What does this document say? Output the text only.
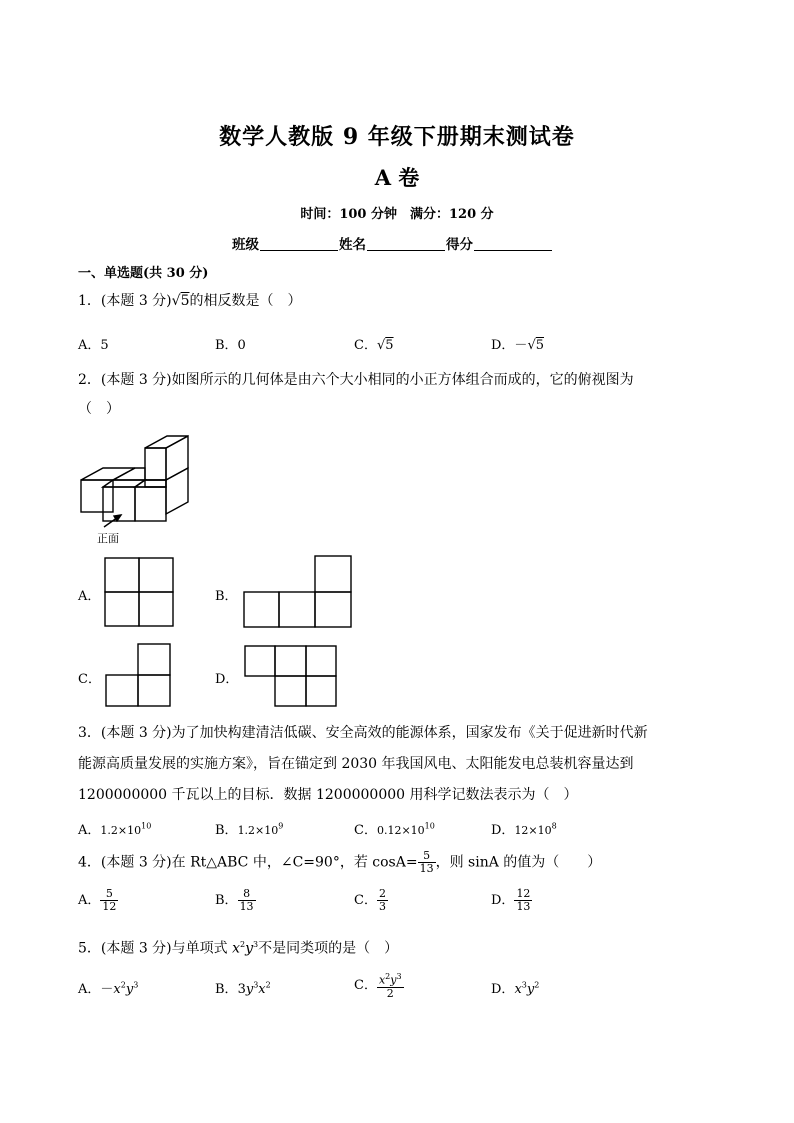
数学人教版 9 年级下册期末测试卷
A 卷
时间：100 分钟　满分：120 分
班级	姓名	得分
一、单选题(共 30 分)
1．(本题 3 分)√5的相反数是（　）
A．5	B．0	C．√5	D．－√5
2．(本题 3 分)如图所示的几何体是由六个大小相同的小正方体组合而成的，它的俯视图为
（　）
正面
A．	B．
C．	D．
3．(本题 3 分)为了加快构建清洁低碳、安全高效的能源体系，国家发布《关于促进新时代新
能源高质量发展的实施方案》，旨在锚定到 2030 年我国风电、太阳能发电总装机容量达到
1200000000 千瓦以上的目标．数据 1200000000 用科学记数法表示为（　）
A．$1.2\times 10^{10}$	B．$1.2\times 10^9$	C．$0.12\times 10^{10}$	D．$12\times 10^8$
4．(本题 3 分)在 Rt△ABC 中，∠C=90°，若 $\cos A= \frac{5}{13}$ ，则 sinA 的值为（　　）
A． $\frac{5}{12}$	B． $\frac{8}{13}$	C． $\frac{2}{3}$	D． $\frac{12}{13}$
5．(本题 3 分)与单项式 $x^2y^3$不是同类项的是（　）
A．$-x^2y^3$	B．$3y^3x^2$	C． $\frac{x^2y^3}{2}$	D．$x^3y^2$
